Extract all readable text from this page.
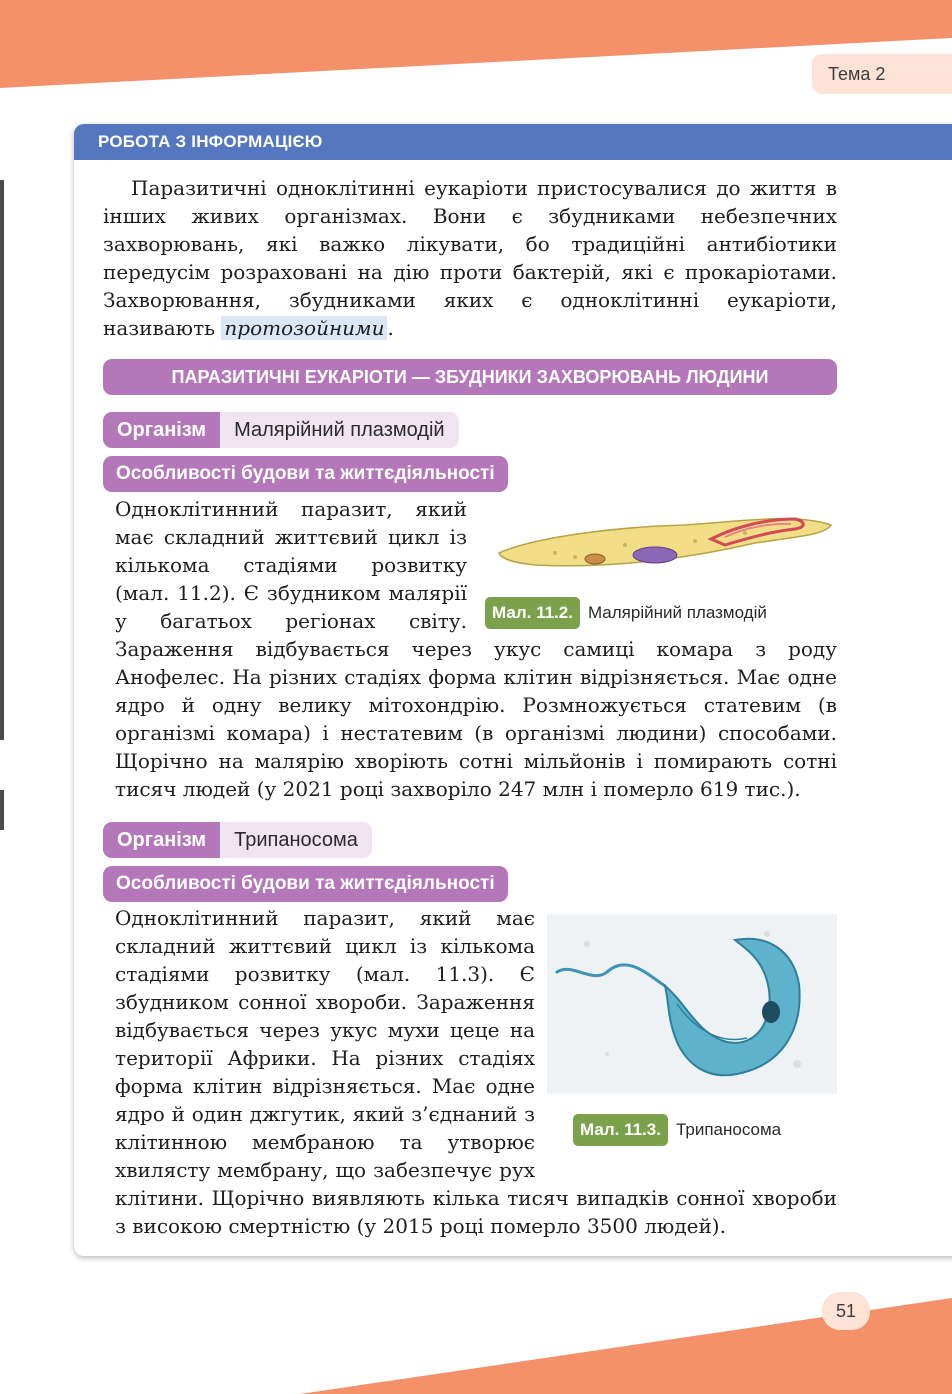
Тема 2
РОБОТА З ІНФОРМАЦІЄЮ

Паразитичні одноклітинні еукаріоти пристосувалися до життя в інших живих організмах. Вони є збудниками небезпечних захворювань, які важко лікувати, бо традиційні антибіотики передусім розраховані на дію проти бактерій, які є прокаріотами. Захворювання, збудниками яких є одноклітинні еукаріоти, називають протозойними .

ПАРАЗИТИЧНІ ЕУКАРІОТИ — ЗБУДНИКИ ЗАХВОРЮВАНЬ ЛЮДИНИ
Організм	Малярійний плазмодій
Особливості будови та життєдіяльності
Мал. 11.2. Малярійний плазмодій
Одноклітинний паразит, який має складний життєвий цикл із кількома стадіями розвитку (мал. 11.2). Є збудником малярії у багатьох регіонах світу. Зараження відбувається через укус самиці комара з роду Анофелес. На різних стадіях форма клітин відрізняється. Має одне ядро й одну велику мітохондрію. Розмножується статевим (в організмі комара) і нестатевим (в організмі людини) способами. Щорічно на малярію хворіють сотні мільйонів і помирають сотні тисяч людей (у 2021 році захворіло 247 млн і померло 619 тис.).
Організм	Трипаносома
Особливості будови та життєдіяльності
Мал. 11.3. Трипаносома
Одноклітинний паразит, який має складний життєвий цикл із кількома стадіями розвитку (мал. 11.3). Є збудником сонної хвороби. Зараження відбувається через укус мухи цеце на території Африки. На різних стадіях форма клітин відрізняється. Має одне ядро й один джгутик, який з’єднаний з клітинною мембраною та утворює хвилясту мембрану, що забезпечує рух клітини. Щорічно виявляють кілька тисяч випадків сонної хвороби з високою смертністю (у 2015 році померло 3500 людей).
51
